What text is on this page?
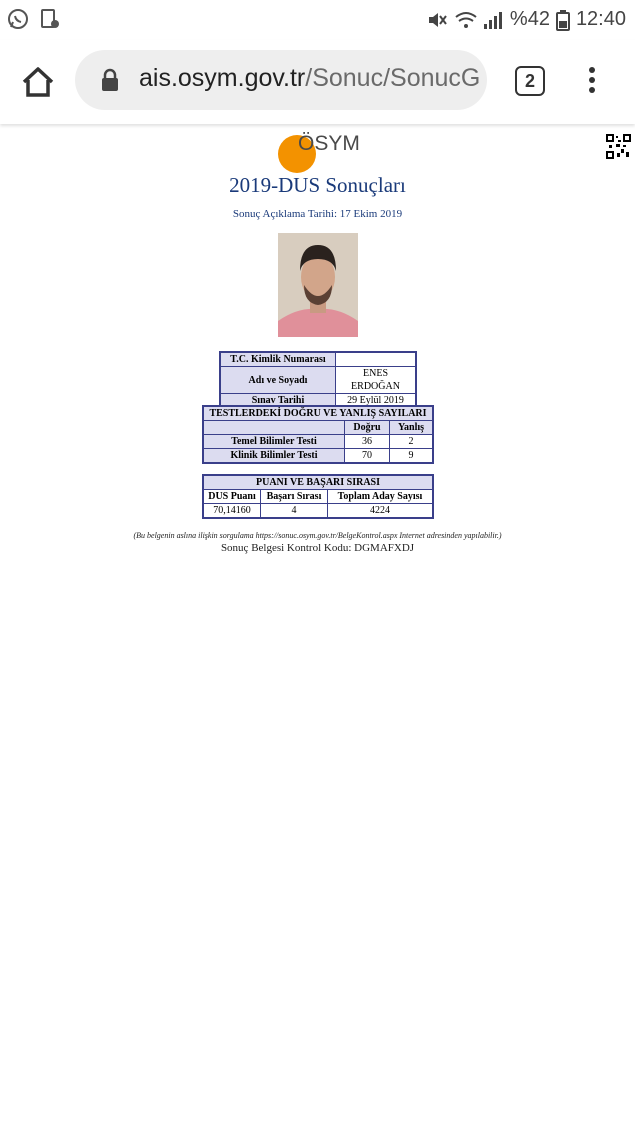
%42 12:40
ais.osym.gov.tr/Sonuc/SonucG	2
ÖSYM
2019-DUS Sonuçları
Sonuç Açıklama Tarihi: 17 Ekim 2019
T.C. Kimlik Numarası	
Adı ve Soyadı	ENES ERDOĞAN
Sınav Tarihi	29 Eylül 2019
TESTLERDEKİ DOĞRU VE YANLIŞ SAYILARI		
	Doğru	Yanlış
Temel Bilimler Testi	36	2
Klinik Bilimler Testi	70	9
PUANI VE BAŞARI SIRASI		
DUS Puanı	Başarı Sırası	Toplam Aday Sayısı
70,14160	4	4224
(Bu belgenin aslına ilişkin sorgulama https://sonuc.osym.gov.tr/BelgeKontrol.aspx Internet adresinden yapılabilir.)
Sonuç Belgesi Kontrol Kodu: DGMAFXDJ
